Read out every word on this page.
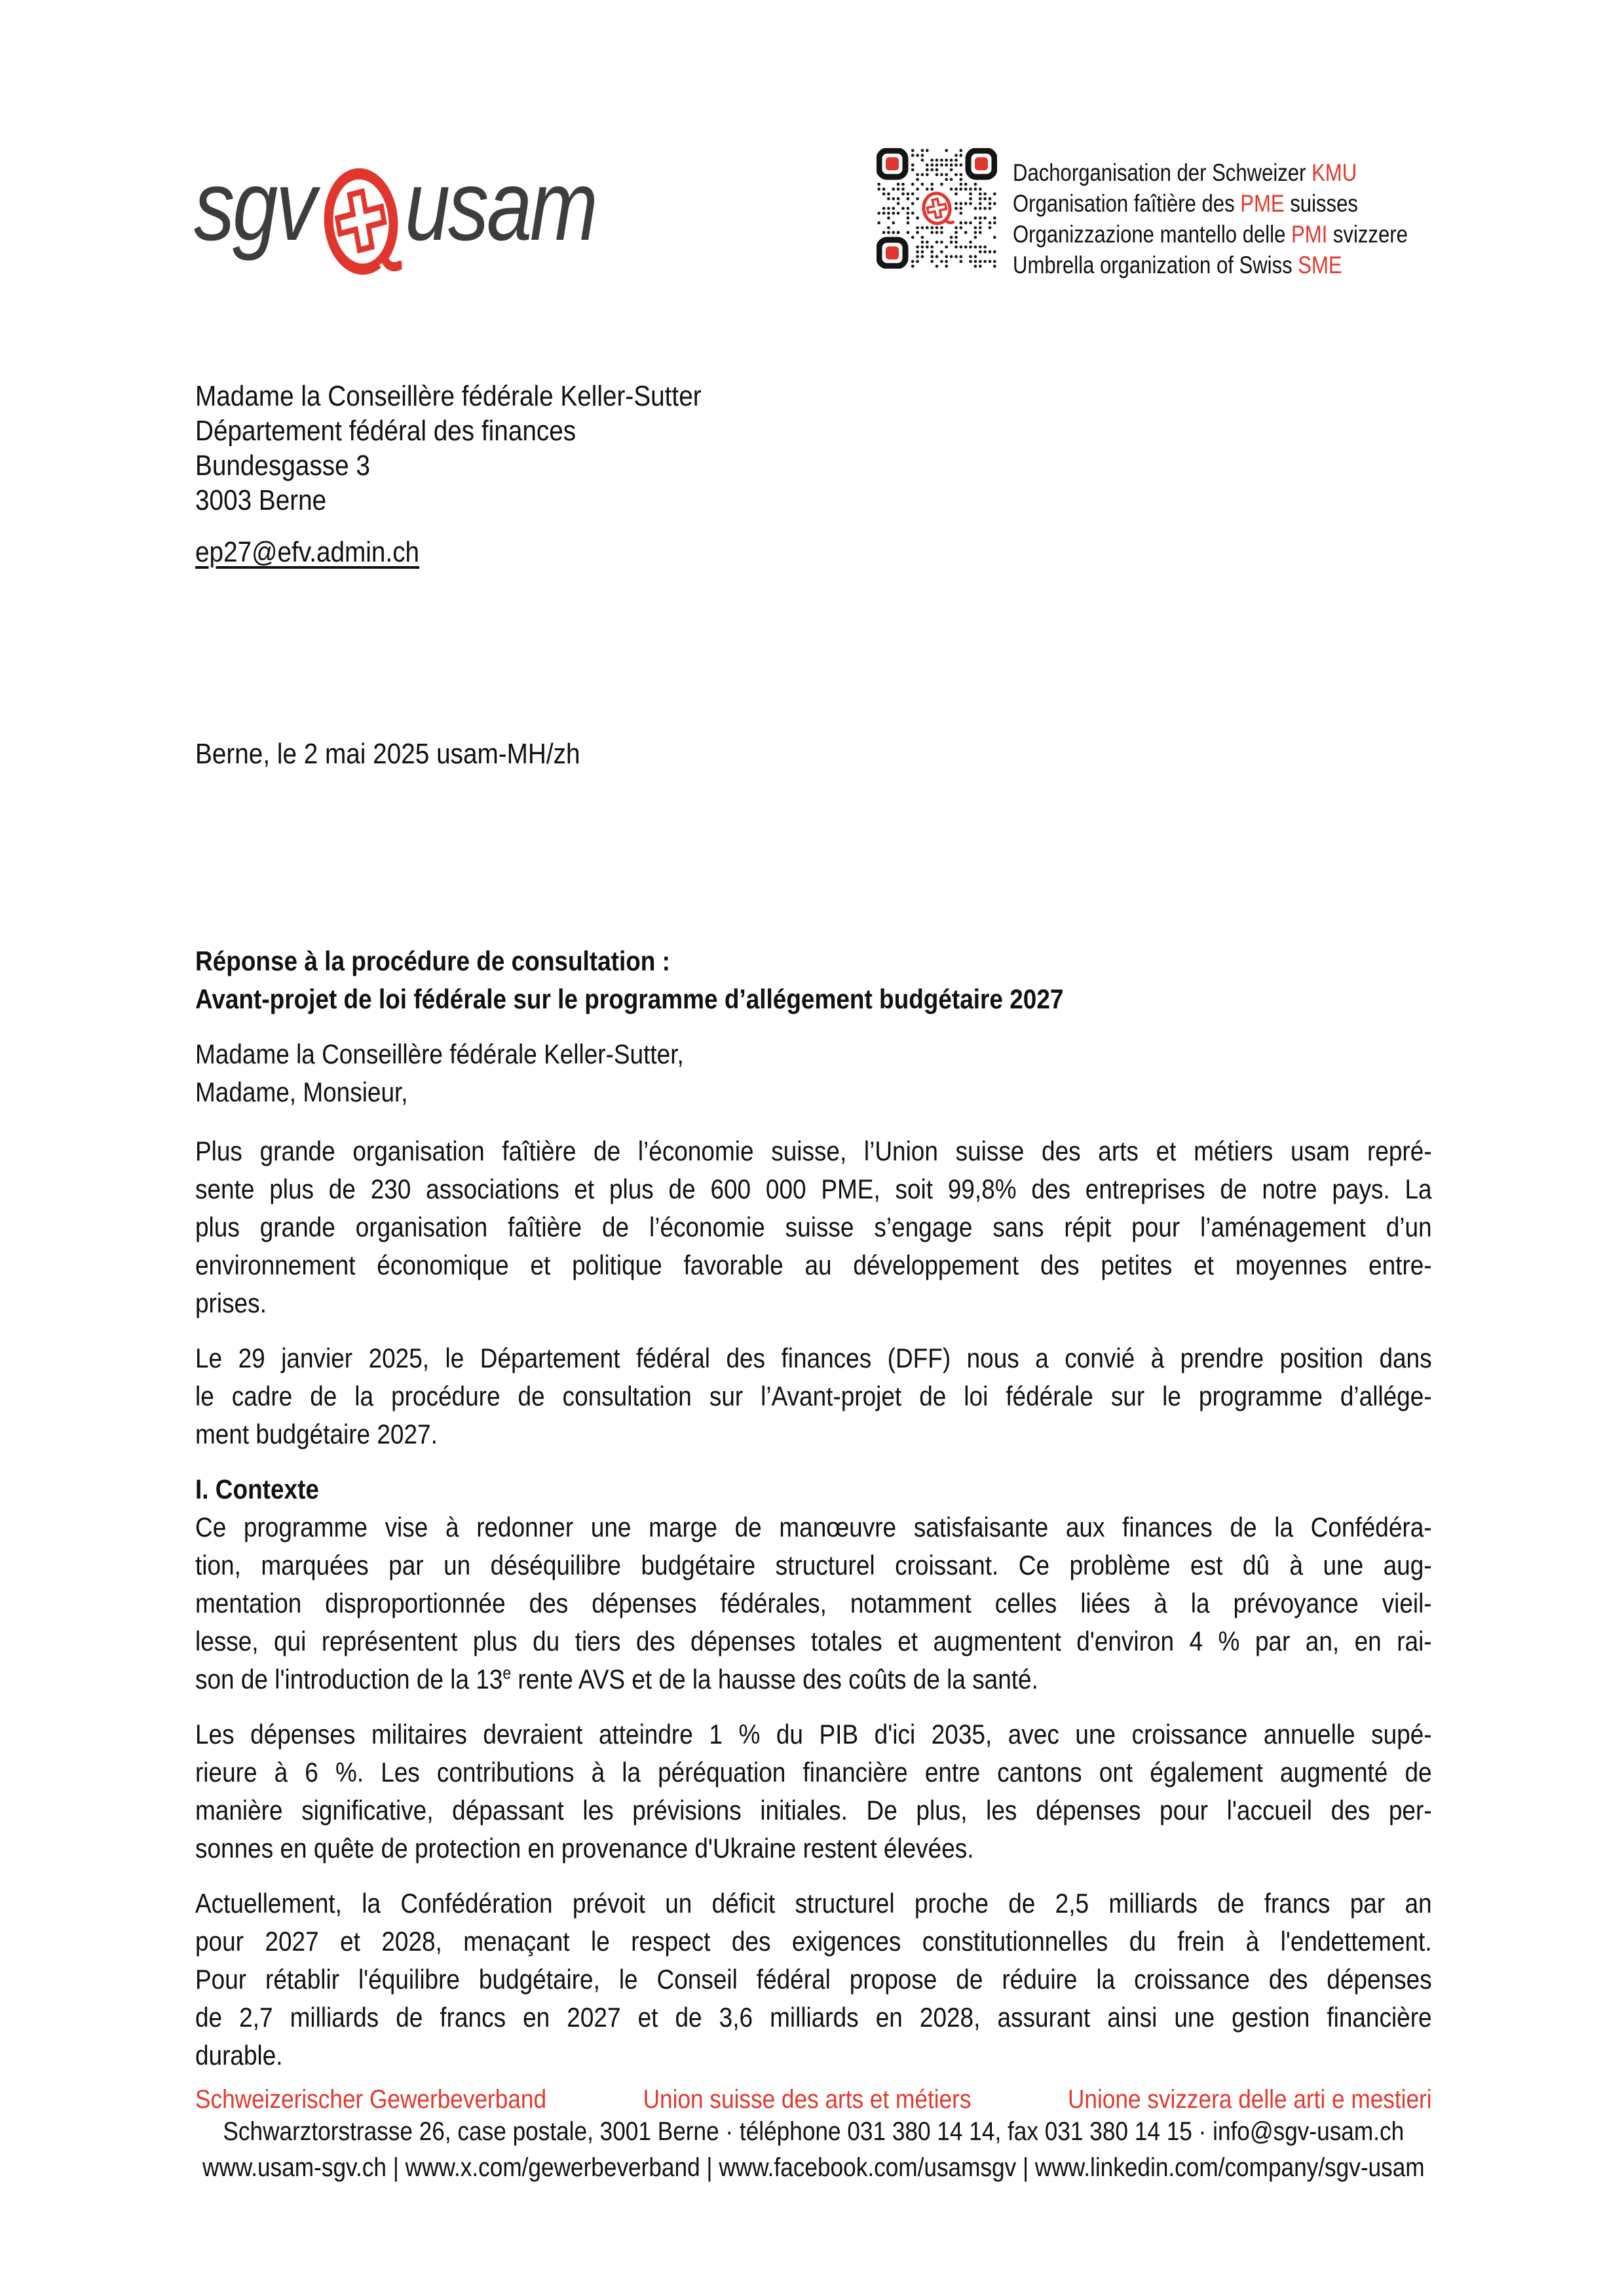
sgv usam	Dachorganisation der Schweizer KMU
Organisation faîtière des PME suisses
Organizzazione mantello delle PMI svizzere
Umbrella organization of Swiss SME
Madame la Conseillère fédérale Keller-Sutter
Département fédéral des finances
Bundesgasse 3
3003 Berne
ep27@efv.admin.ch
Berne, le 2 mai 2025 usam-MH/zh
Réponse à la procédure de consultation :
Avant-projet de loi fédérale sur le programme d’allégement budgétaire 2027
Madame la Conseillère fédérale Keller-Sutter,
Madame, Monsieur,
Plus grande organisation faîtière de l’économie suisse, l’Union suisse des arts et métiers usam repré-
sente plus de 230 associations et plus de 600 000 PME, soit 99,8% des entreprises de notre pays. La
plus grande organisation faîtière de l’économie suisse s’engage sans répit pour l’aménagement d’un
environnement économique et politique favorable au développement des petites et moyennes entre-
prises.
Le 29 janvier 2025, le Département fédéral des finances (DFF) nous a convié à prendre position dans
le cadre de la procédure de consultation sur l’Avant-projet de loi fédérale sur le programme d’allége-
ment budgétaire 2027.
I. Contexte
Ce programme vise à redonner une marge de manœuvre satisfaisante aux finances de la Confédéra-
tion, marquées par un déséquilibre budgétaire structurel croissant. Ce problème est dû à une aug-
mentation disproportionnée des dépenses fédérales, notamment celles liées à la prévoyance vieil-
lesse, qui représentent plus du tiers des dépenses totales et augmentent d'environ 4 % par an, en rai-
son de l'introduction de la 13e rente AVS et de la hausse des coûts de la santé.
Les dépenses militaires devraient atteindre 1 % du PIB d'ici 2035, avec une croissance annuelle supé-
rieure à 6 %. Les contributions à la péréquation financière entre cantons ont également augmenté de
manière significative, dépassant les prévisions initiales. De plus, les dépenses pour l'accueil des per-
sonnes en quête de protection en provenance d'Ukraine restent élevées.
Actuellement, la Confédération prévoit un déficit structurel proche de 2,5 milliards de francs par an
pour 2027 et 2028, menaçant le respect des exigences constitutionnelles du frein à l'endettement.
Pour rétablir l'équilibre budgétaire, le Conseil fédéral propose de réduire la croissance des dépenses
de 2,7 milliards de francs en 2027 et de 3,6 milliards en 2028, assurant ainsi une gestion financière
durable.
Schweizerischer Gewerbeverband	Union suisse des arts et métiers	Unione svizzera delle arti e mestieri
Schwarztorstrasse 26, case postale, 3001 Berne · téléphone 031 380 14 14, fax 031 380 14 15 · info@sgv-usam.ch
www.usam-sgv.ch | www.x.com/gewerbeverband | www.facebook.com/usamsgv | www.linkedin.com/company/sgv-usam
